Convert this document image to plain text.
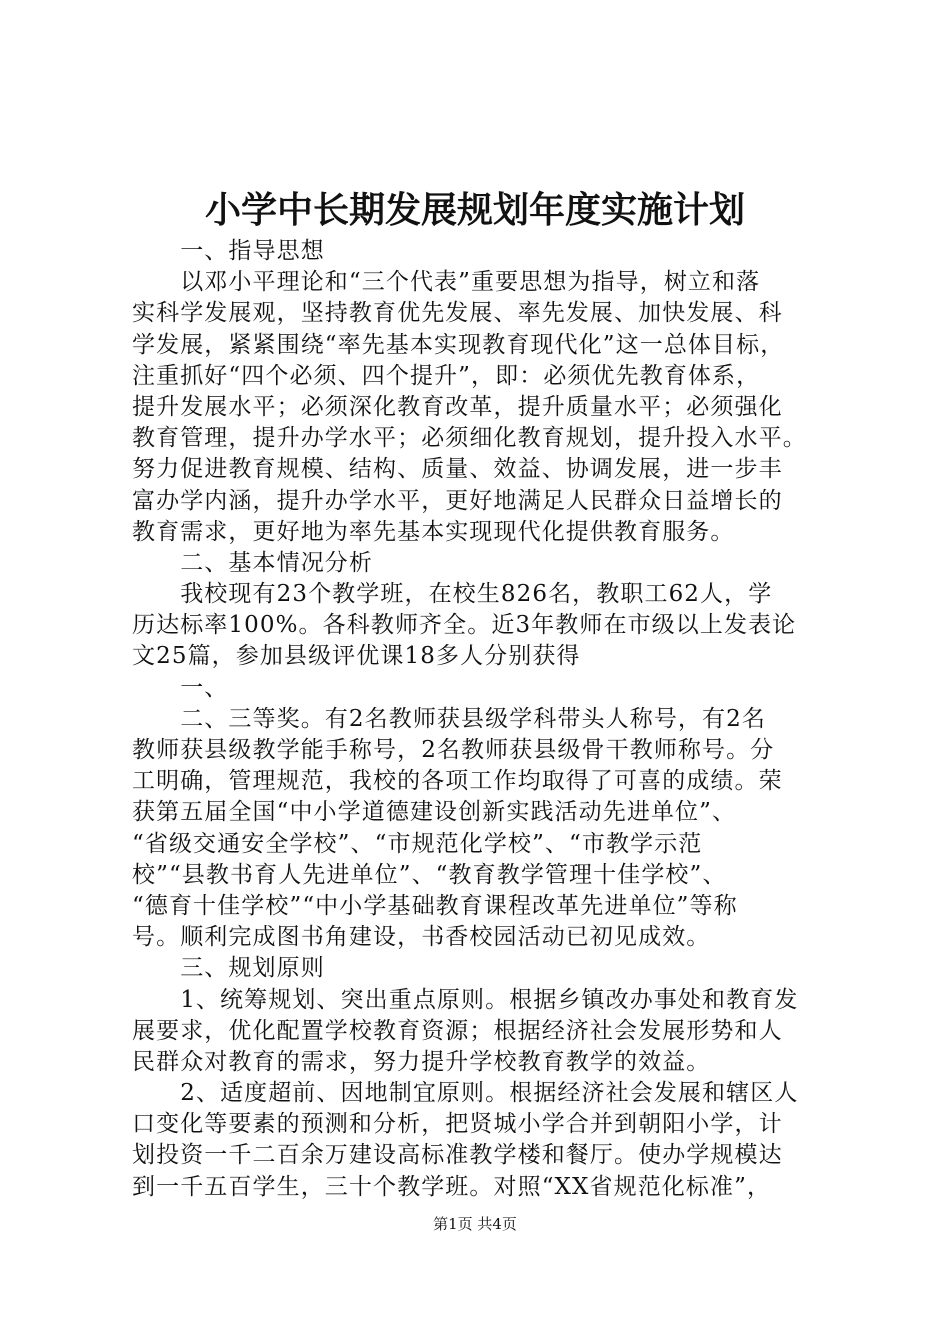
小学中长期发展规划年度实施计划
　　一、指导思想
　　以邓小平理论和“三个代表”重要思想为指导，树立和落
实科学发展观，坚持教育优先发展、率先发展、加快发展、科
学发展，紧紧围绕“率先基本实现教育现代化”这一总体目标，
注重抓好“四个必须、四个提升”，即：必须优先教育体系，
提升发展水平；必须深化教育改革，提升质量水平；必须强化
教育管理，提升办学水平；必须细化教育规划，提升投入水平。
努力促进教育规模、结构、质量、效益、协调发展，进一步丰
富办学内涵，提升办学水平，更好地满足人民群众日益增长的
教育需求，更好地为率先基本实现现代化提供教育服务。
　　二、基本情况分析
　　我校现有23个教学班，在校生826名，教职工62人，学
历达标率100%。各科教师齐全。近3年教师在市级以上发表论
文25篇，参加县级评优课18多人分别获得
　　一、
　　二、三等奖。有2名教师获县级学科带头人称号，有2名
教师获县级教学能手称号，2名教师获县级骨干教师称号。分
工明确，管理规范，我校的各项工作均取得了可喜的成绩。荣
获第五届全国“中小学道德建设创新实践活动先进单位”、
“省级交通安全学校”、“市规范化学校”、“市教学示范
校”“县教书育人先进单位”、“教育教学管理十佳学校”、
“德育十佳学校”“中小学基础教育课程改革先进单位”等称
号。顺利完成图书角建设，书香校园活动已初见成效。
　　三、规划原则
　　1、统筹规划、突出重点原则。根据乡镇改办事处和教育发
展要求，优化配置学校教育资源；根据经济社会发展形势和人
民群众对教育的需求，努力提升学校教育教学的效益。
　　2、适度超前、因地制宜原则。根据经济社会发展和辖区人
口变化等要素的预测和分析，把贤城小学合并到朝阳小学，计
划投资一千二百余万建设高标准教学楼和餐厅。使办学规模达
到一千五百学生，三十个教学班。对照“XX省规范化标准”，
第1页 共4页
